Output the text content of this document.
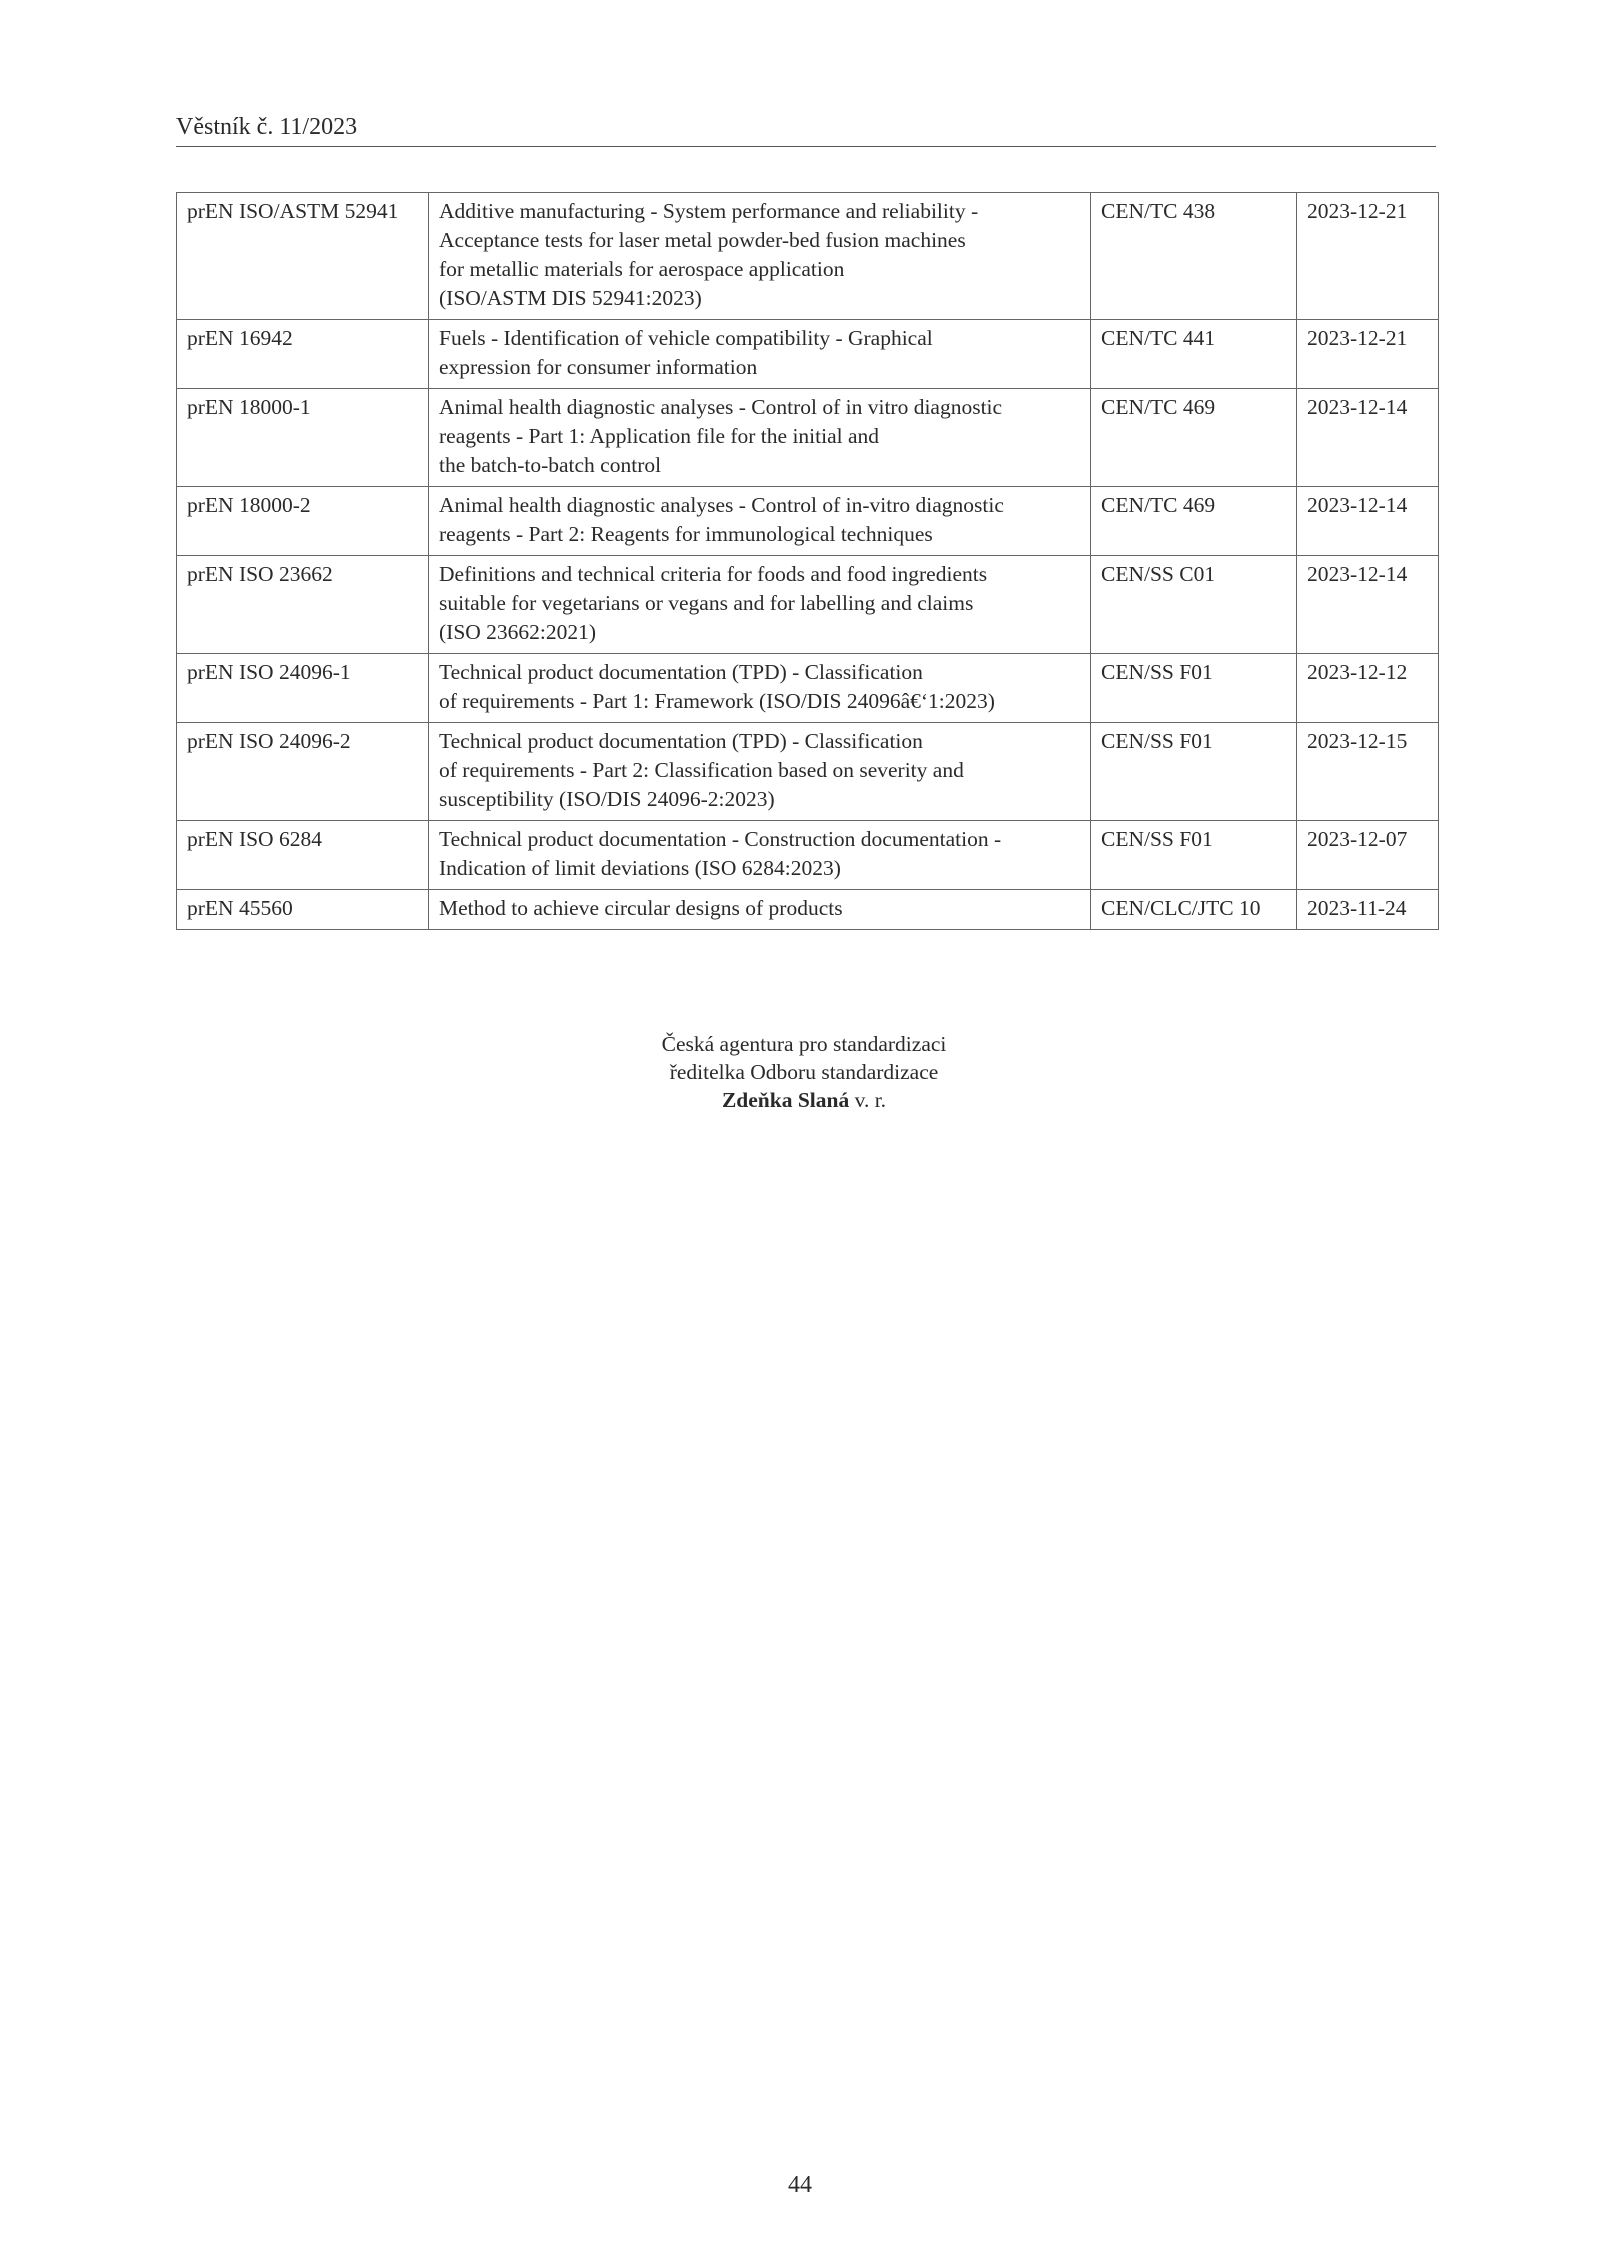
Věstník č. 11/2023
prEN ISO/ASTM 52941	Additive manufacturing - System performance and reliability -
Acceptance tests for laser metal powder-bed fusion machines
for metallic materials for aerospace application
(ISO/ASTM DIS 52941:2023)	CEN/TC 438	2023-12-21
prEN 16942	Fuels - Identification of vehicle compatibility - Graphical
expression for consumer information	CEN/TC 441	2023-12-21
prEN 18000-1	Animal health diagnostic analyses - Control of in vitro diagnostic
reagents - Part 1: Application file for the initial and
the batch-to-batch control	CEN/TC 469	2023-12-14
prEN 18000-2	Animal health diagnostic analyses - Control of in-vitro diagnostic
reagents - Part 2: Reagents for immunological techniques	CEN/TC 469	2023-12-14
prEN ISO 23662	Definitions and technical criteria for foods and food ingredients
suitable for vegetarians or vegans and for labelling and claims
(ISO 23662:2021)	CEN/SS C01	2023-12-14
prEN ISO 24096-1	Technical product documentation (TPD) - Classification
of requirements - Part 1: Framework (ISO/DIS 24096â€‘1:2023)	CEN/SS F01	2023-12-12
prEN ISO 24096-2	Technical product documentation (TPD) - Classification
of requirements - Part 2: Classification based on severity and
susceptibility (ISO/DIS 24096-2:2023)	CEN/SS F01	2023-12-15
prEN ISO 6284	Technical product documentation - Construction documentation -
Indication of limit deviations (ISO 6284:2023)	CEN/SS F01	2023-12-07
prEN 45560	Method to achieve circular designs of products	CEN/CLC/JTC 10	2023-11-24
Česká agentura pro standardizaci
ředitelka Odboru standardizace
Zdeňka Slaná v. r.
44
